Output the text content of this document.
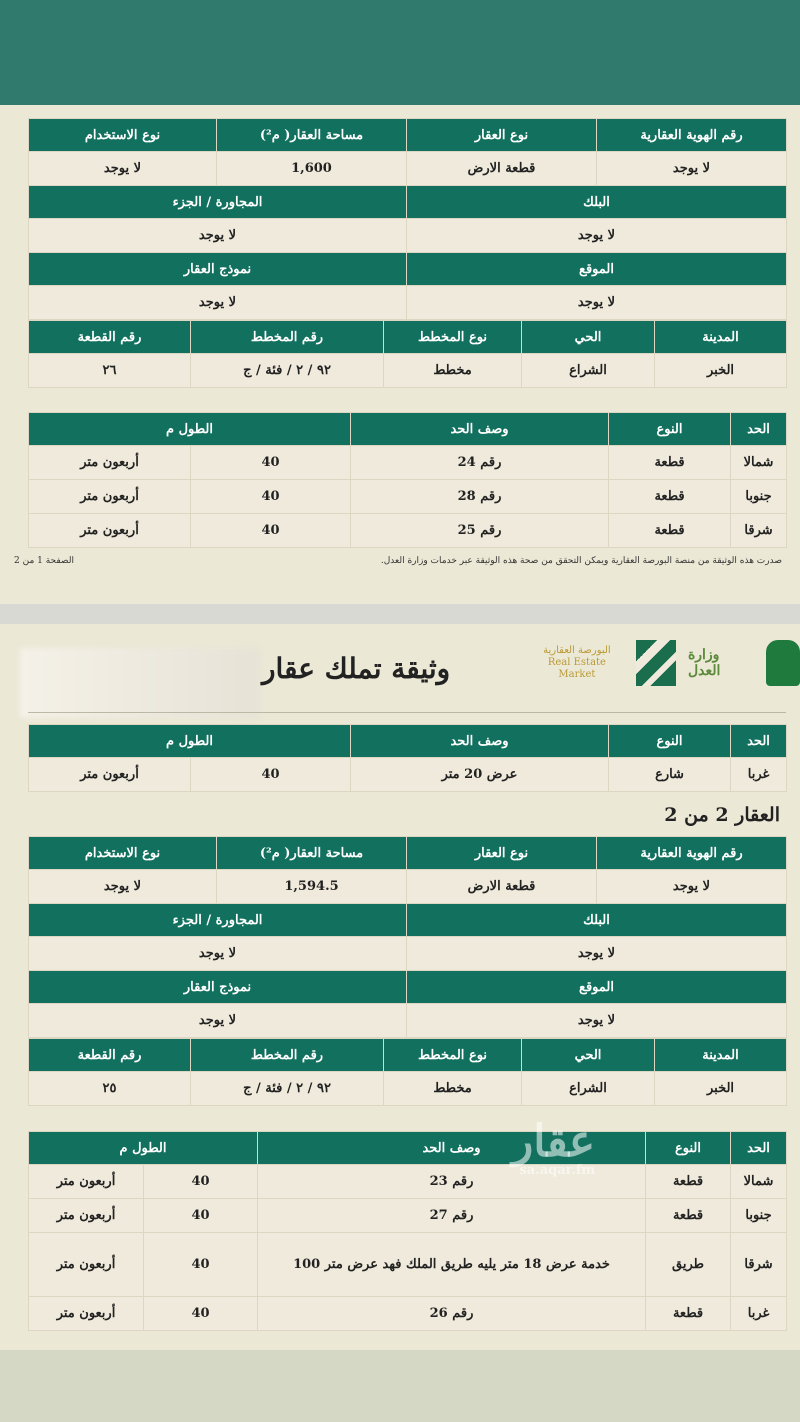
رقم الهوية العقارية	نوع العقار	مساحة العقار( م²)	نوع الاستخدام
لا يوجد	قطعة الارض	1,600	لا يوجد
البلك		المجاورة / الجزء	
لا يوجد		لا يوجد	
الموقع		نموذج العقار	
لا يوجد		لا يوجد	
المدينة	الحي	نوع المخطط	رقم المخطط	رقم القطعة
الخبر	الشراع	مخطط	٩٢ / ٢ / فئة / ج	٢٦
الحد	النوع	وصف الحد	الطول م	
شمالا	قطعة	رقم 24	40	أربعون متر
جنوبا	قطعة	رقم 28	40	أربعون متر
شرقا	قطعة	رقم 25	40	أربعون متر
صدرت هذه الوثيقة من منصة البورصة العقارية ويمكن التحقق من صحة هذه الوثيقة عبر خدمات وزارة العدل.
الصفحة 1 من 2
وثيقة تملك عقار
البورصة العقارية
Real Estate Market
وزارة العدل
الحد	النوع	وصف الحد	الطول م	
غربا	شارع	عرض 20 متر	40	أربعون متر
رقم الهوية العقارية	نوع العقار	مساحة العقار( م²)	نوع الاستخدام
لا يوجد	قطعة الارض	1,594.5	لا يوجد
البلك		المجاورة / الجزء	
لا يوجد		لا يوجد	
الموقع		نموذج العقار	
لا يوجد		لا يوجد	
المدينة	الحي	نوع المخطط	رقم المخطط	رقم القطعة
الخبر	الشراع	مخطط	٩٢ / ٢ / فئة / ج	٢٥
الحد	النوع	وصف الحد	الطول م	
شمالا	قطعة	رقم 23	40	أربعون متر
جنوبا	قطعة	رقم 27	40	أربعون متر
شرقا	طريق	خدمة عرض 18 متر يليه طريق الملك فهد عرض متر 100	40	أربعون متر
غربا	قطعة	رقم 26	40	أربعون متر
العقار 2 من 2
عقار
sa.aqar.fm
